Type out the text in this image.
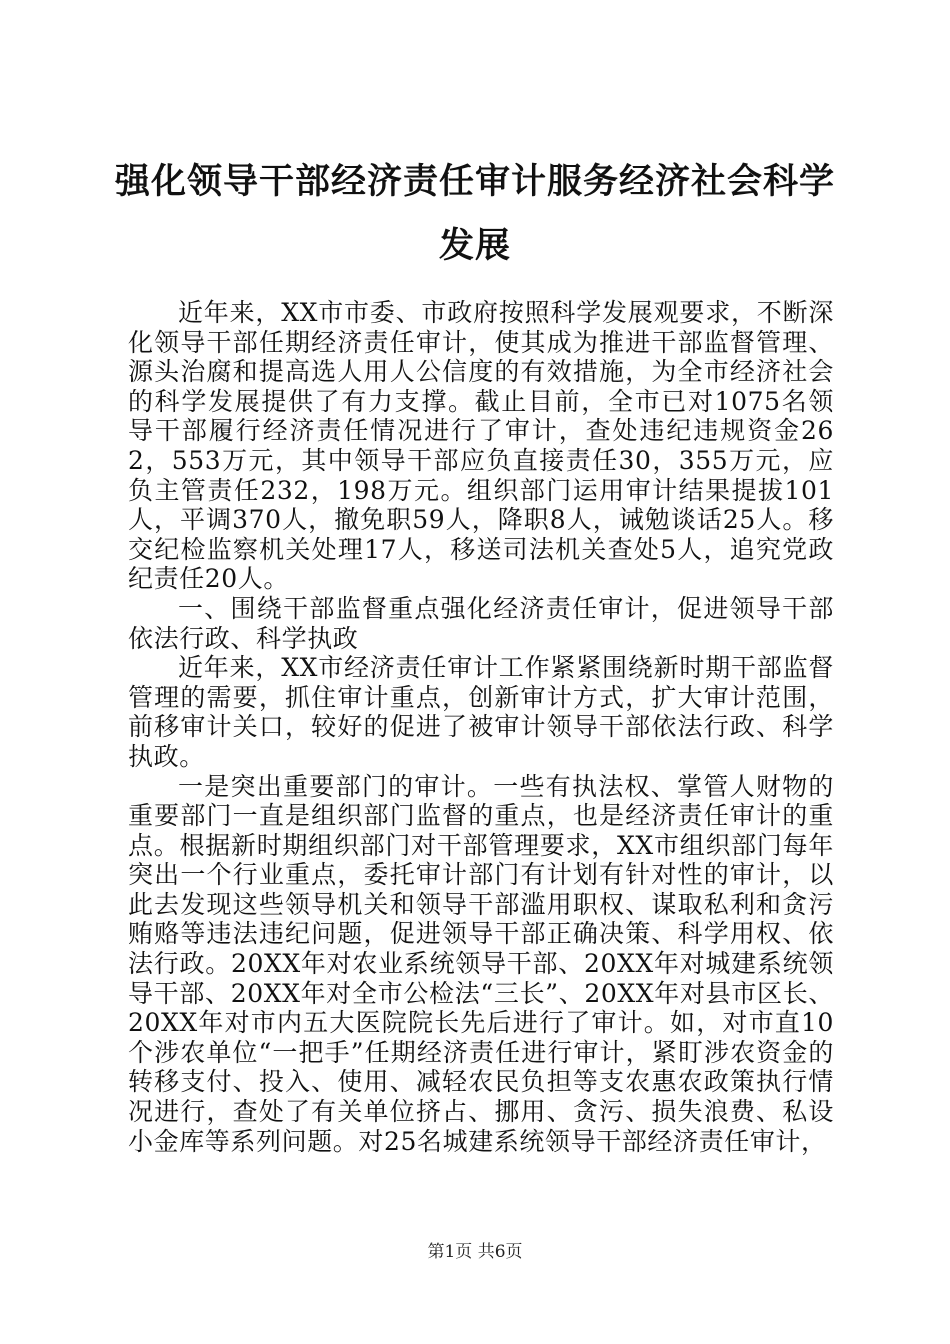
强化领导干部经济责任审计服务经济社会科学发展

近年来，XX市市委、市政府按照科学发展观要求，不断深化领导干部任期经济责任审计，使其成为推进干部监督管理、源头治腐和提高选人用人公信度的有效措施，为全市经济社会的科学发展提供了有力支撑。截止目前，全市已对1075名领导干部履行经济责任情况进行了审计，查处违纪违规资金262，553万元，其中领导干部应负直接责任30，355万元，应负主管责任232，198万元。组织部门运用审计结果提拔101人，平调370人，撤免职59人，降职8人，诫勉谈话25人。移交纪检监察机关处理17人，移送司法机关查处5人，追究党政纪责任20人。

一、围绕干部监督重点强化经济责任审计，促进领导干部依法行政、科学执政

近年来，XX市经济责任审计工作紧紧围绕新时期干部监督管理的需要，抓住审计重点，创新审计方式，扩大审计范围，前移审计关口，较好的促进了被审计领导干部依法行政、科学执政。

一是突出重要部门的审计。一些有执法权、掌管人财物的重要部门一直是组织部门监督的重点，也是经济责任审计的重点。根据新时期组织部门对干部管理要求，XX市组织部门每年突出一个行业重点，委托审计部门有计划有针对性的审计，以此去发现这些领导机关和领导干部滥用职权、谋取私利和贪污贿赂等违法违纪问题，促进领导干部正确决策、科学用权、依法行政。20XX年对农业系统领导干部、20XX年对城建系统领导干部、20XX年对全市公检法“三长”、20XX年对县市区长、20XX年对市内五大医院院长先后进行了审计。如，对市直10个涉农单位“一把手”任期经济责任进行审计，紧盯涉农资金的转移支付、投入、使用、减轻农民负担等支农惠农政策执行情况进行，查处了有关单位挤占、挪用、贪污、损失浪费、私设小金库等系列问题。对25名城建系统领导干部经济责任审计，

第1页 共6页
